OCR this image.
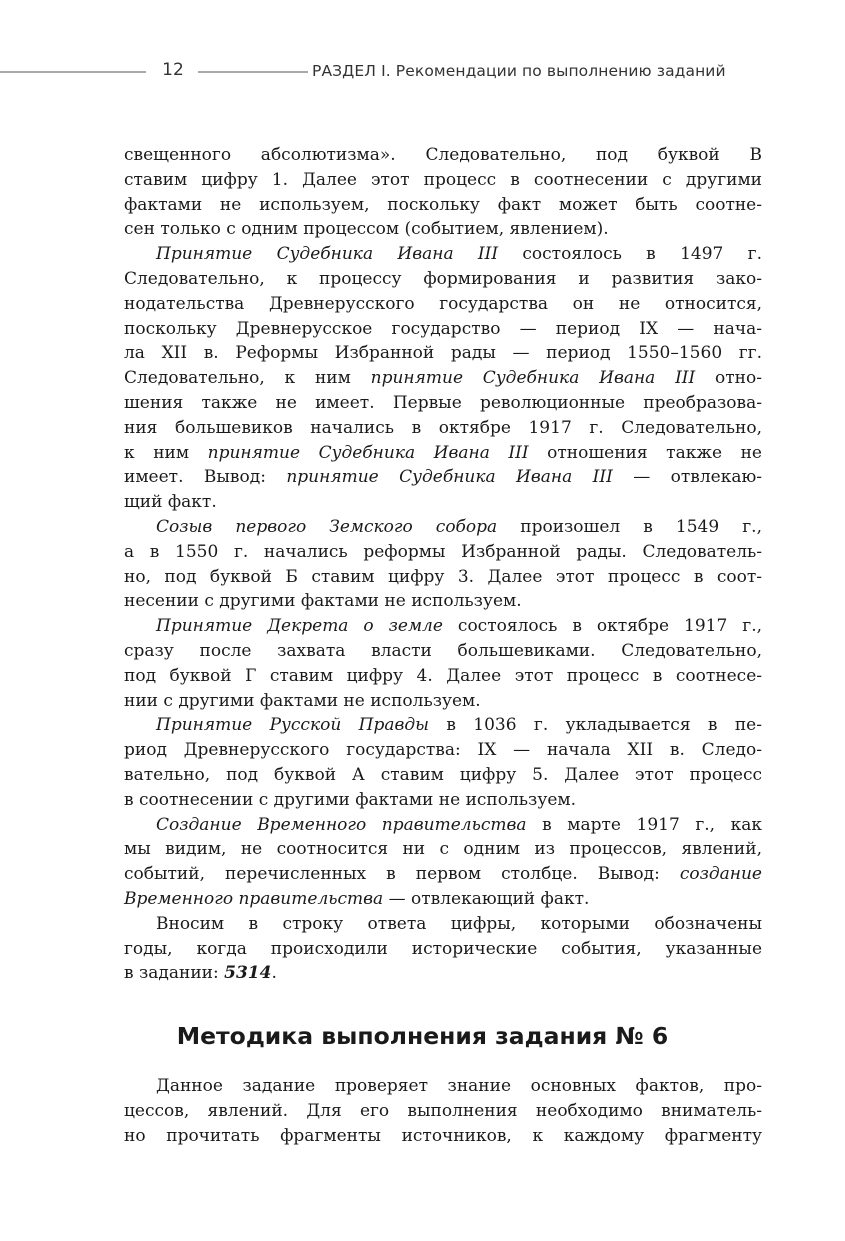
12	РАЗДЕЛ I. Рекомендации по выполнению заданий
свещенного абсолютизма». Следовательно, под буквой В
ставим цифру 1. Далее этот процесс в соотнесении с другими
фактами не используем, поскольку факт может быть соотне-
сен только с одним процессом (событием, явлением).
Принятие Судебника Ивана III состоялось в 1497 г.
Следовательно, к процессу формирования и развития зако-
нодательства Древнерусского государства он не относится,
поскольку Древнерусское государство — период IX — нача-
ла XII в. Реформы Избранной рады — период 1550–1560 гг.
Следовательно, к ним принятие Судебника Ивана III отно-
шения также не имеет. Первые революционные преобразова-
ния большевиков начались в октябре 1917 г. Следовательно,
к ним принятие Судебника Ивана III отношения также не
имеет. Вывод: принятие Судебника Ивана III — отвлекаю-
щий факт.
Созыв первого Земского собора произошел в 1549 г.,
а в 1550 г. начались реформы Избранной рады. Следователь-
но, под буквой Б ставим цифру 3. Далее этот процесс в соот-
несении с другими фактами не используем.
Принятие Декрета о земле состоялось в октябре 1917 г.,
сразу после захвата власти большевиками. Следовательно,
под буквой Г ставим цифру 4. Далее этот процесс в соотнесе-
нии с другими фактами не используем.
Принятие Русской Правды в 1036 г. укладывается в пе-
риод Древнерусского государства: IX — начала XII в. Следо-
вательно, под буквой А ставим цифру 5. Далее этот процесс
в соотнесении с другими фактами не используем.
Создание Временного правительства в марте 1917 г., как
мы видим, не соотносится ни с одним из процессов, явлений,
событий, перечисленных в первом столбце. Вывод: создание
Временного правительства — отвлекающий факт.
Вносим в строку ответа цифры, которыми обозначены
годы, когда происходили исторические события, указанные
в задании: 5314.
Методика выполнения задания № 6
Данное задание проверяет знание основных фактов, про-
цессов, явлений. Для его выполнения необходимо вниматель-
но прочитать фрагменты источников, к каждому фрагменту
